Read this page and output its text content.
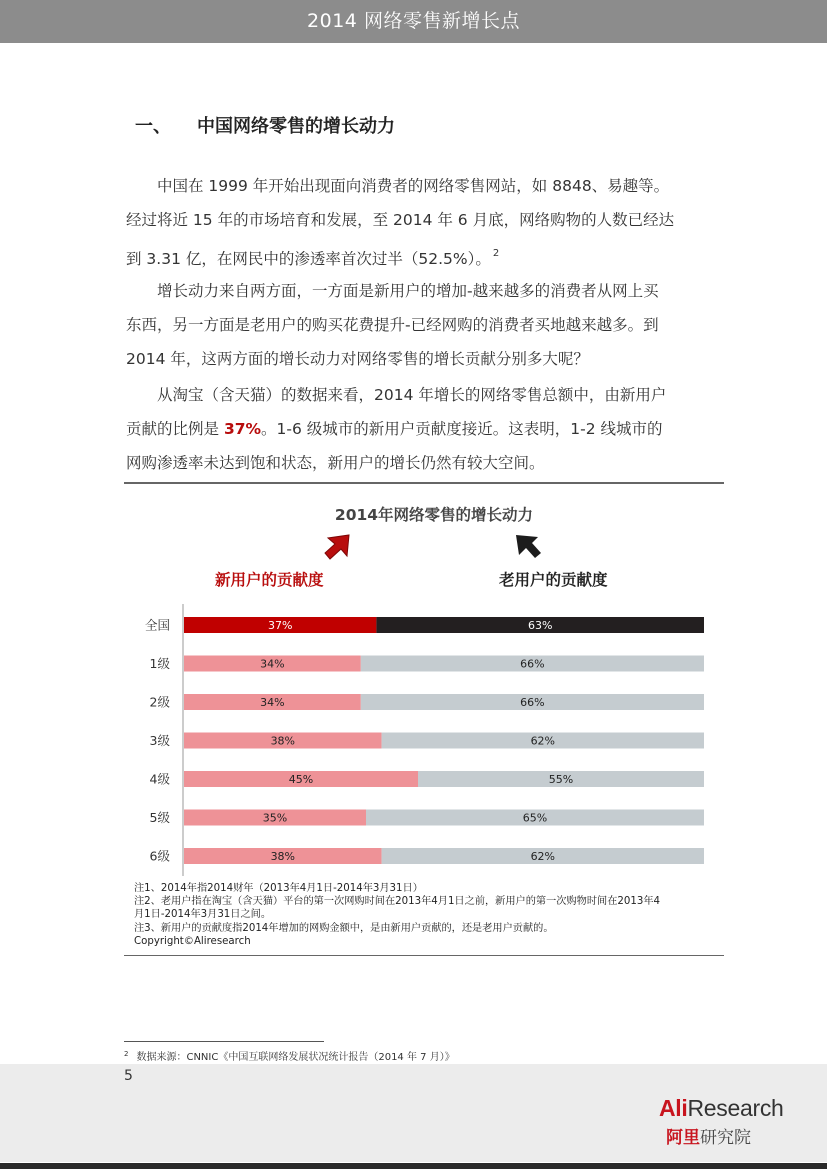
2014 网络零售新增长点
一、 中国网络零售的增长动力

中国在 1999 年开始出现面向消费者的网络零售网站，如 8848、易趣等。

经过将近 15 年的市场培育和发展，至 2014 年 6 月底，网络购物的人数已经达

到 3.31 亿，在网民中的渗透率首次过半（52.5%）。 $^2$

增长动力来自两方面，一方面是新用户的增加-越来越多的消费者从网上买

东西，另一方面是老用户的购买花费提升-已经网购的消费者买地越来越多。到

2014 年，这两方面的增长动力对网络零售的增长贡献分别多大呢？

从淘宝（含天猫）的数据来看，2014 年增长的网络零售总额中，由新用户

贡献的比例是 37%。1-6 级城市的新用户贡献度接近。这表明，1-2 线城市的

网购渗透率未达到饱和状态，新用户的增长仍然有较大空间。

2014年网络零售的增长动力
新用户的贡献度	老用户的贡献度
全国	37%	63%
1级	34%	66%
2级	34%	66%
3级	38%	62%
4级	45%	55%
5级	35%	65%
6级	38%	62%
注1、2014年指2014财年（2013年4月1日-2014年3月31日）
注2、老用户指在淘宝（含天猫）平台的第一次网购时间在2013年4月1日之前，新用户的第一次购物时间在2013年4
月1日-2014年3月31日之间。
注3、新用户的贡献度指2014年增加的网购金额中，是由新用户贡献的，还是老用户贡献的。
Copyright©Aliresearch
$^2$ 数据来源：CNNIC《中国互联网络发展状况统计报告（2014 年 7 月）》
5
AliResearch
阿里研究院
